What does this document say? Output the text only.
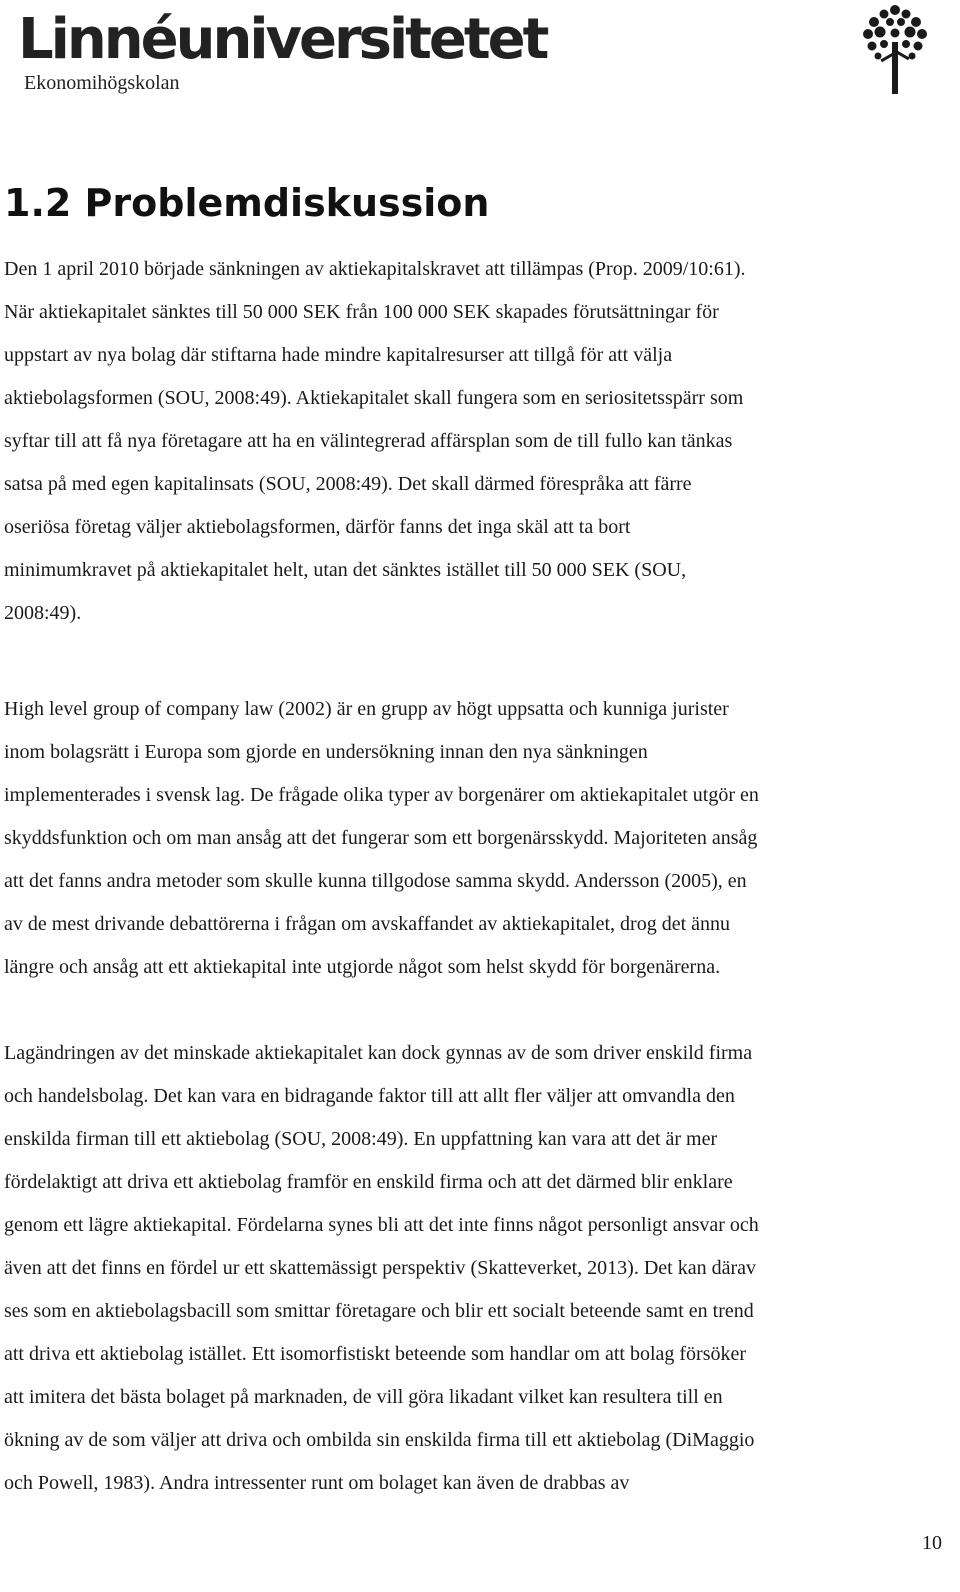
Linnéuniversitetet
Ekonomihögskolan
1.2 Problemdiskussion
Den 1 april 2010 började sänkningen av aktiekapitalskravet att tillämpas (Prop. 2009/10:61).
När aktiekapitalet sänktes till 50 000 SEK från 100 000 SEK skapades förutsättningar för
uppstart av nya bolag där stiftarna hade mindre kapitalresurser att tillgå för att välja
aktiebolagsformen (SOU, 2008:49). Aktiekapitalet skall fungera som en seriositetsspärr som
syftar till att få nya företagare att ha en välintegrerad affärsplan som de till fullo kan tänkas
satsa på med egen kapitalinsats (SOU, 2008:49). Det skall därmed förespråka att färre
oseriösa företag väljer aktiebolagsformen, därför fanns det inga skäl att ta bort
minimumkravet på aktiekapitalet helt, utan det sänktes istället till 50 000 SEK (SOU,
2008:49).
High level group of company law (2002) är en grupp av högt uppsatta och kunniga jurister
inom bolagsrätt i Europa som gjorde en undersökning innan den nya sänkningen
implementerades i svensk lag. De frågade olika typer av borgenärer om aktiekapitalet utgör en
skyddsfunktion och om man ansåg att det fungerar som ett borgenärsskydd. Majoriteten ansåg
att det fanns andra metoder som skulle kunna tillgodose samma skydd. Andersson (2005), en
av de mest drivande debattörerna i frågan om avskaffandet av aktiekapitalet, drog det ännu
längre och ansåg att ett aktiekapital inte utgjorde något som helst skydd för borgenärerna.
Lagändringen av det minskade aktiekapitalet kan dock gynnas av de som driver enskild firma
och handelsbolag. Det kan vara en bidragande faktor till att allt fler väljer att omvandla den
enskilda firman till ett aktiebolag (SOU, 2008:49). En uppfattning kan vara att det är mer
fördelaktigt att driva ett aktiebolag framför en enskild firma och att det därmed blir enklare
genom ett lägre aktiekapital. Fördelarna synes bli att det inte finns något personligt ansvar och
även att det finns en fördel ur ett skattemässigt perspektiv (Skatteverket, 2013). Det kan därav
ses som en aktiebolagsbacill som smittar företagare och blir ett socialt beteende samt en trend
att driva ett aktiebolag istället. Ett isomorfistiskt beteende som handlar om att bolag försöker
att imitera det bästa bolaget på marknaden, de vill göra likadant vilket kan resultera till en
ökning av de som väljer att driva och ombilda sin enskilda firma till ett aktiebolag (DiMaggio
och Powell, 1983). Andra intressenter runt om bolaget kan även de drabbas av
10
